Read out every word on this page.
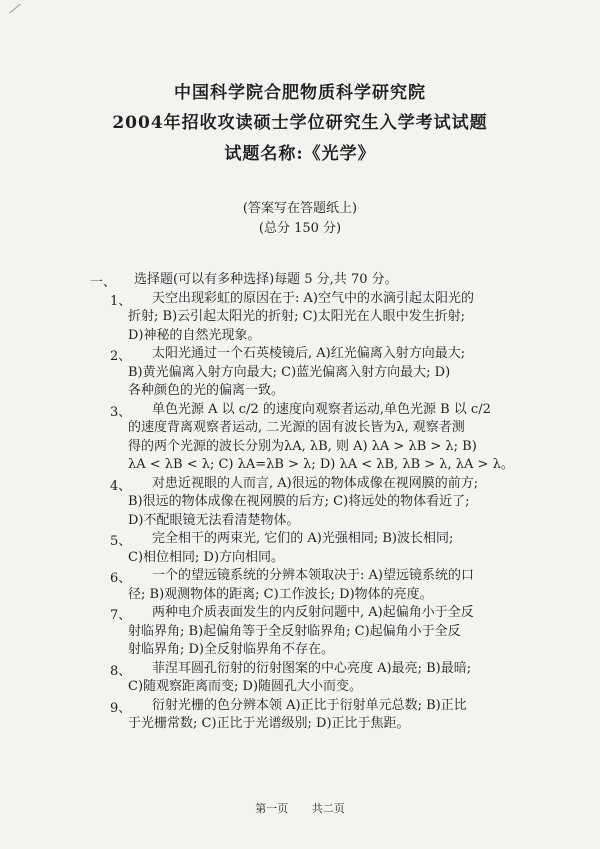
中国科学院合肥物质科学研究院
2004年招收攻读硕士学位研究生入学考试试题
试题名称:《光学》
(答案写在答题纸上)
(总分 150 分)
一、 选择题(可以有多种选择)每题 5 分,共 70 分。
1、 天空出现彩虹的原因在于: A)空气中的水滴引起太阳光的
折射; B)云引起太阳光的折射; C)太阳光在人眼中发生折射;
D)神秘的自然光现象。
2、 太阳光通过一个石英棱镜后, A)红光偏离入射方向最大;
B)黄光偏离入射方向最大; C)蓝光偏离入射方向最大; D)
各种颜色的光的偏离一致。
3、 单色光源 A 以 c/2 的速度向观察者运动,单色光源 B 以 c/2
的速度背离观察者运动, 二光源的固有波长皆为λ, 观察者测
得的两个光源的波长分别为λA, λB, 则 A) λA > λB > λ; B)
λA < λB < λ; C) λA=λB > λ; D) λA < λB, λB > λ, λA > λ。
4、 对患近视眼的人而言, A)很远的物体成像在视网膜的前方;
B)很远的物体成像在视网膜的后方; C)将远处的物体看近了;
D)不配眼镜无法看清楚物体。
5、 完全相干的两束光, 它们的 A)光强相同; B)波长相同;
C)相位相同; D)方向相同。
6、 一个的望远镜系统的分辨本领取决于: A)望远镜系统的口
径; B)观测物体的距离; C)工作波长; D)物体的亮度。
7、 两种电介质表面发生的内反射问题中, A)起偏角小于全反
射临界角; B)起偏角等于全反射临界角; C)起偏角小于全反
射临界角; D)全反射临界角不存在。
8、 菲涅耳圆孔衍射的衍射图案的中心亮度 A)最亮; B)最暗;
C)随观察距离而变; D)随圆孔大小而变。
9、 衍射光栅的色分辨本领 A)正比于衍射单元总数; B)正比
于光栅常数; C)正比于光谱级别; D)正比于焦距。
第一页 共二页
